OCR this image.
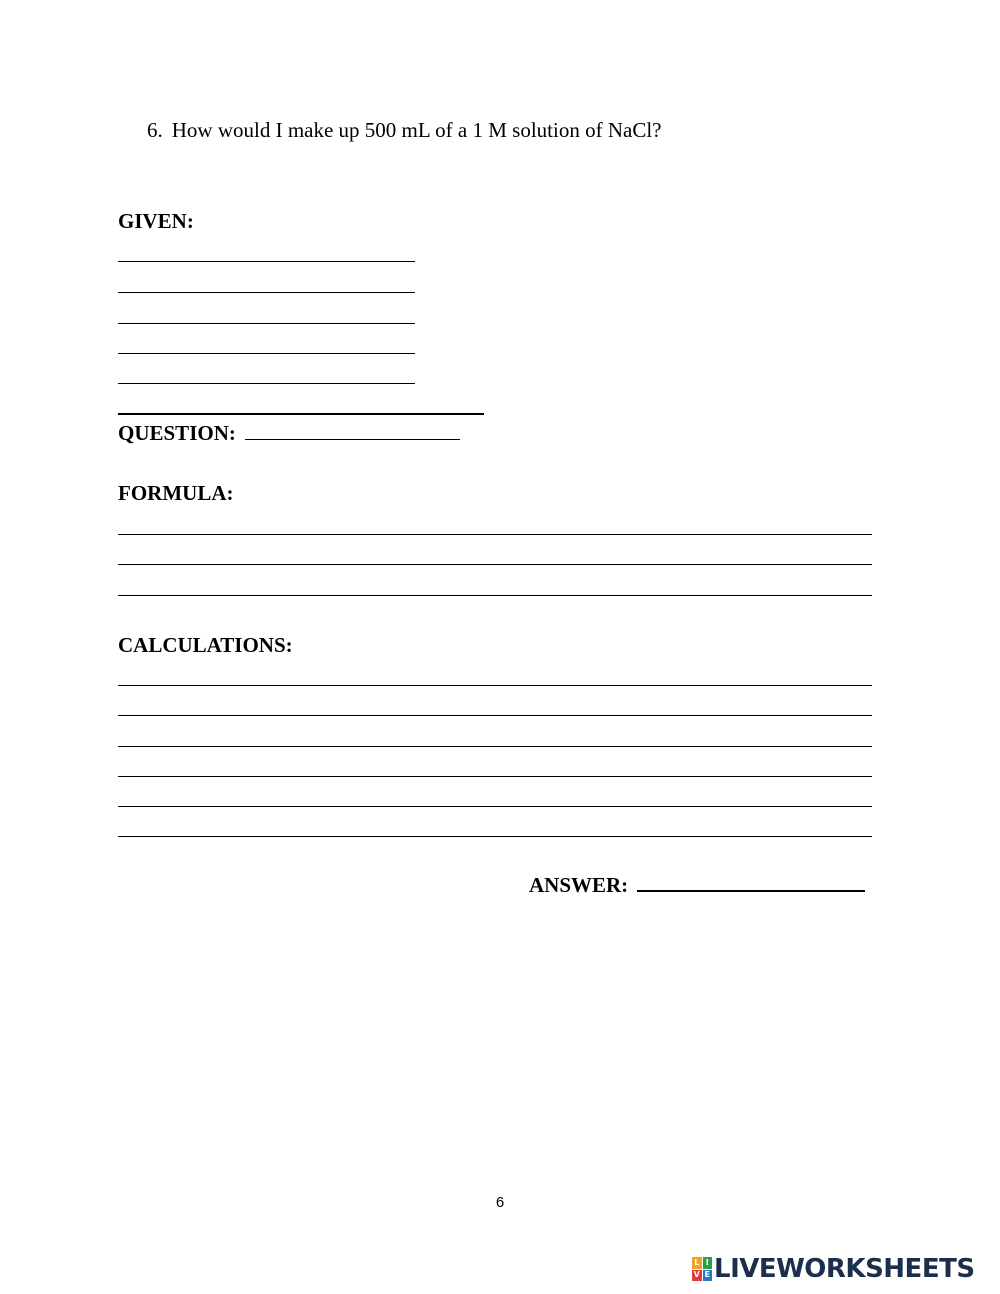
6. How would I make up 500 mL of a 1 M solution of NaCl?
GIVEN:
QUESTION:
FORMULA:
CALCULATIONS:
ANSWER:
6
L I
V E LIVEWORKSHEETS
